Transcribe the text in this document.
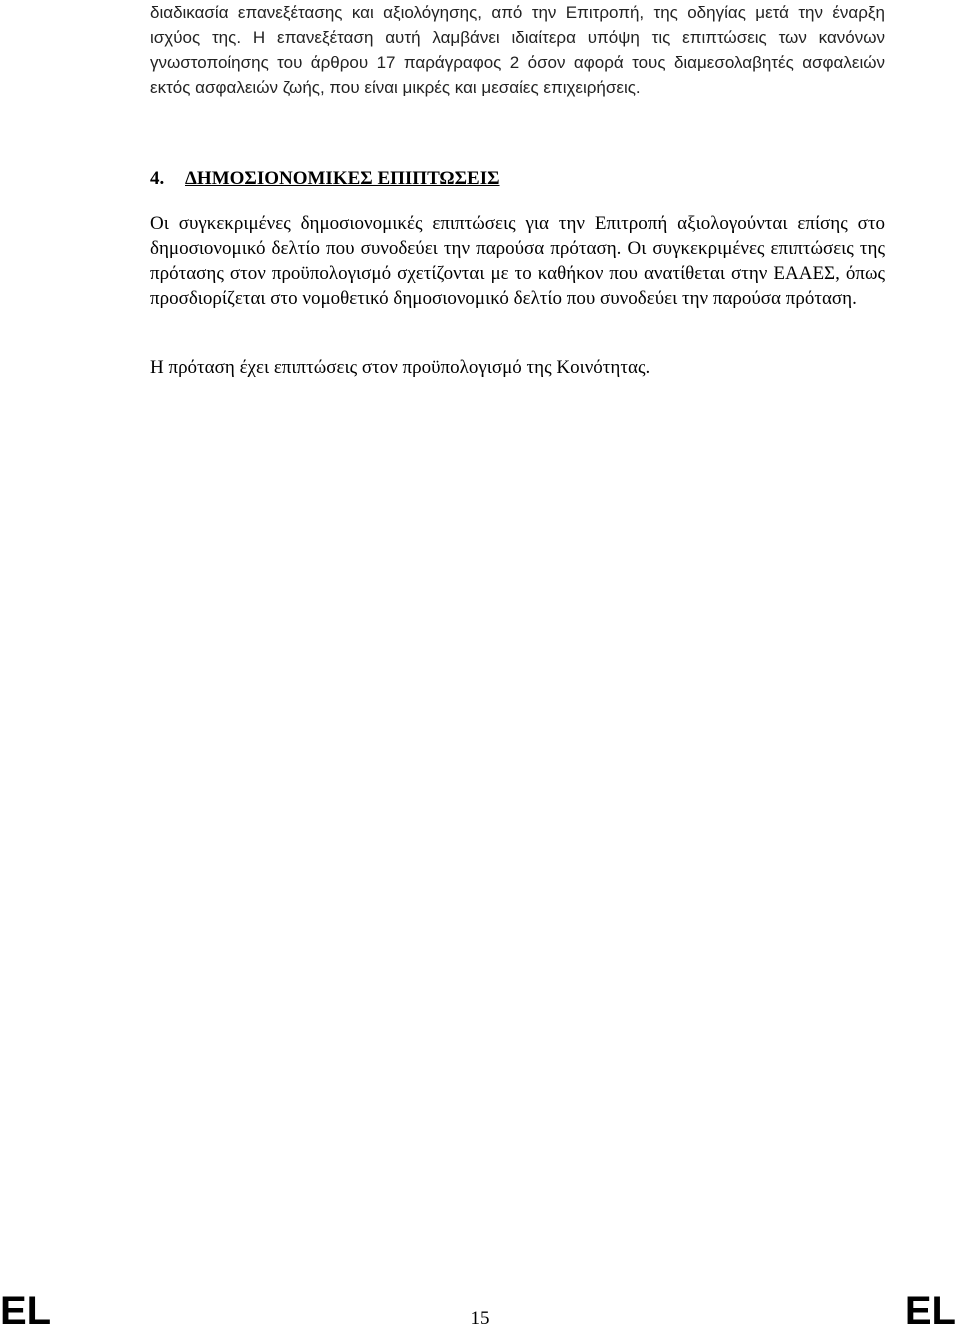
διαδικασία επανεξέτασης και αξιολόγησης, από την Επιτροπή, της οδηγίας μετά την έναρξη ισχύος της. Η επανεξέταση αυτή λαμβάνει ιδιαίτερα υπόψη τις επιπτώσεις των κανόνων γνωστοποίησης του άρθρου 17 παράγραφος 2 όσον αφορά τους διαμεσολαβητές ασφαλειών εκτός ασφαλειών ζωής, που είναι μικρές και μεσαίες επιχειρήσεις.

4. ΔΗΜΟΣΙΟΝΟΜΙΚΕΣ ΕΠΙΠΤΩΣΕΙΣ

Οι συγκεκριμένες δημοσιονομικές επιπτώσεις για την Επιτροπή αξιολογούνται επίσης στο δημοσιονομικό δελτίο που συνοδεύει την παρούσα πρόταση. Οι συγκεκριμένες επιπτώσεις της πρότασης στον προϋπολογισμό σχετίζονται με το καθήκον που ανατίθεται στην ΕΑΑΕΣ, όπως προσδιορίζεται στο νομοθετικό δημοσιονομικό δελτίο που συνοδεύει την παρούσα πρόταση.

Η πρόταση έχει επιπτώσεις στον προϋπολογισμό της Κοινότητας.

EL	15	EL
